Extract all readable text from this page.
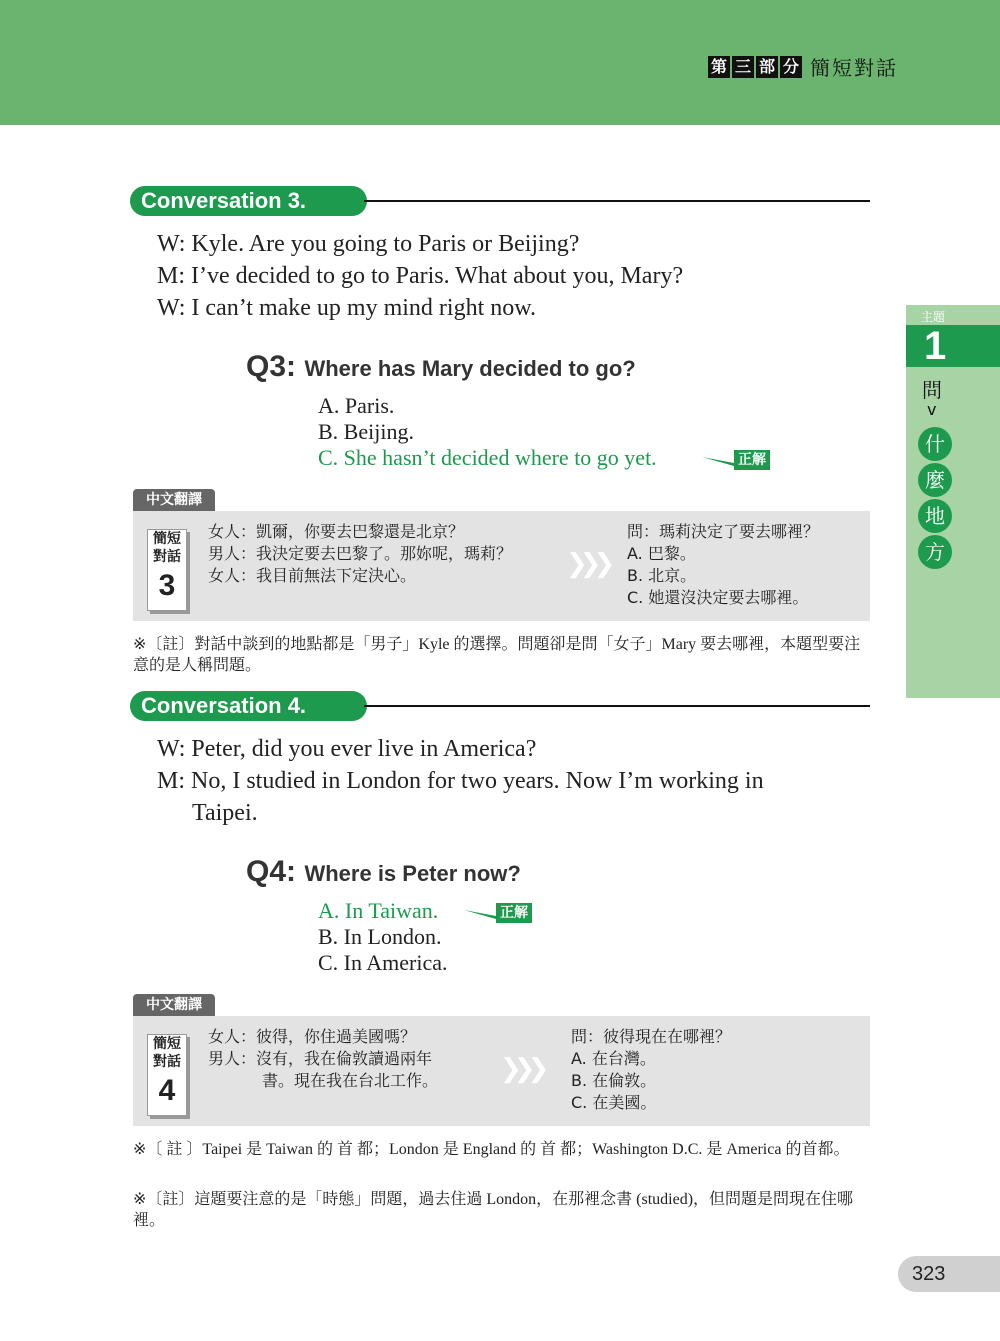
第 三 部 分 簡短對話
主題
1
問
v
什
麼
地
方
Conversation 3.
W: Kyle. Are you going to Paris or Beijing?
M: I’ve decided to go to Paris. What about you, Mary?
W: I can’t make up my mind right now.
Q3: Where has Mary decided to go?
A. Paris.
B. Beijing.
C. She hasn’t decided where to go yet.	正解
中文翻譯
簡短
對話
3
女人：凱爾，你要去巴黎還是北京？
男人：我決定要去巴黎了。那妳呢，瑪莉？
女人：我目前無法下定決心。	❯❯❯
問：瑪莉決定了要去哪裡？
A. 巴黎。
B. 北京。
C. 她還沒決定要去哪裡。
※〔註〕對話中談到的地點都是「男子」Kyle 的選擇。問題卻是問「女子」Mary 要去哪裡，本題型要注意的是人稱問題。
Conversation 4.
W: Peter, did you ever live in America?
M: No, I studied in London for two years. Now I’m working in
Taipei.
Q4: Where is Peter now?
A. In Taiwan.
B. In London.
C. In America.
正解
中文翻譯
簡短
對話
4
女人：彼得，你住過美國嗎？
男人：沒有，我在倫敦讀過兩年
書。現在我在台北工作。 ❯❯❯
問：彼得現在在哪裡？
A. 在台灣。
B. 在倫敦。
C. 在美國。
※〔 註 〕Taipei 是 Taiwan 的 首 都；London 是 England 的 首 都；Washington D.C. 是 America 的首都。
※〔註〕這題要注意的是「時態」問題，過去住過 London，在那裡念書 (studied)，但問題是問現在住哪裡。
323
